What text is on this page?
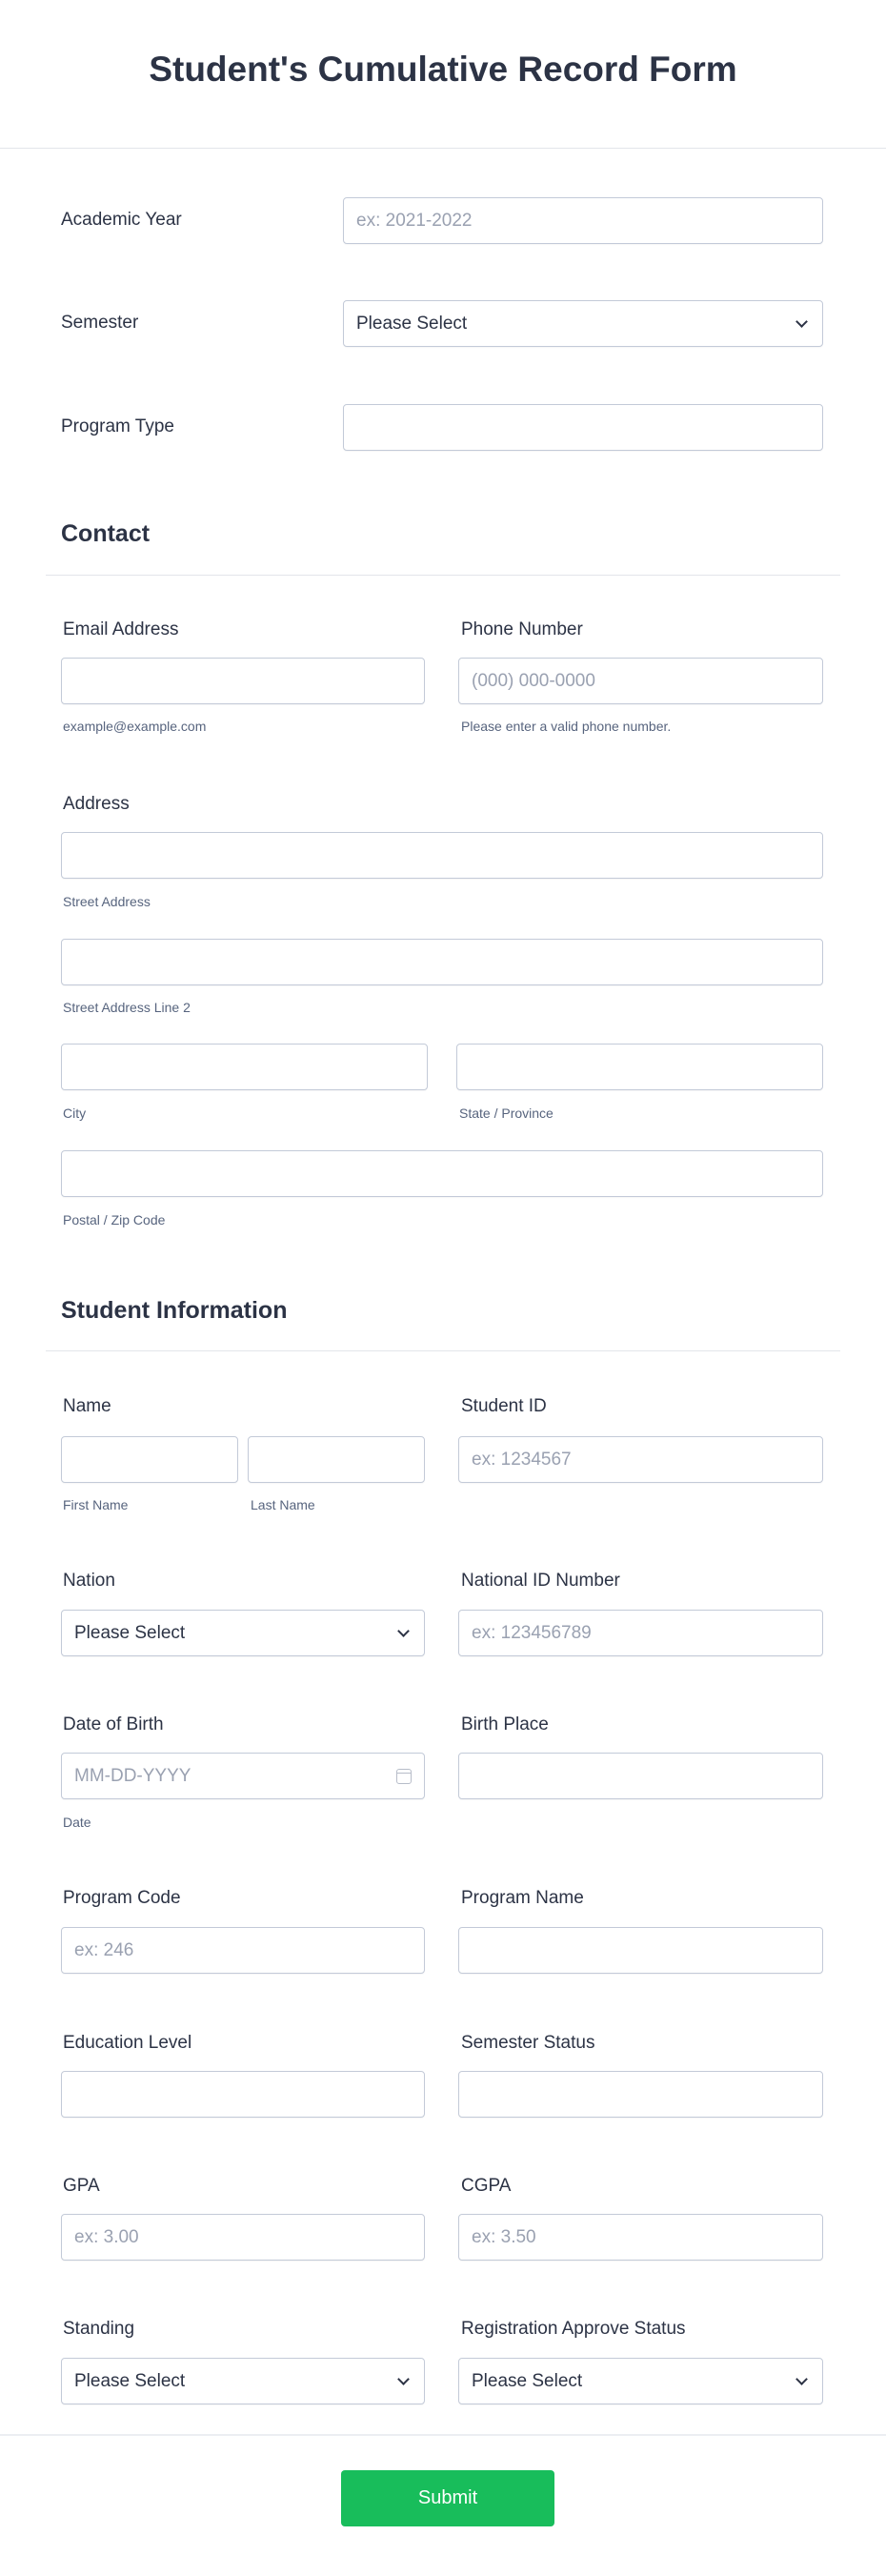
Student's Cumulative Record Form
Academic Year	ex: 2021-2022
Semester	Please Select
Program Type
Contact
Email Address
example@example.com
Phone Number
(000) 000-0000
Please enter a valid phone number.
Address
Street Address
Street Address Line 2
City	State / Province
Postal / Zip Code
Student Information
Name
First Name	Last Name
Student ID
ex: 1234567
Nation
Please Select
National ID Number
ex: 123456789
Date of Birth
MM-DD-YYYY
Date
Birth Place
Program Code
ex: 246
Program Name
Education Level	Semester Status
GPA
ex: 3.00
CGPA
ex: 3.50
Standing
Please Select
Registration Approve Status
Please Select
Submit
